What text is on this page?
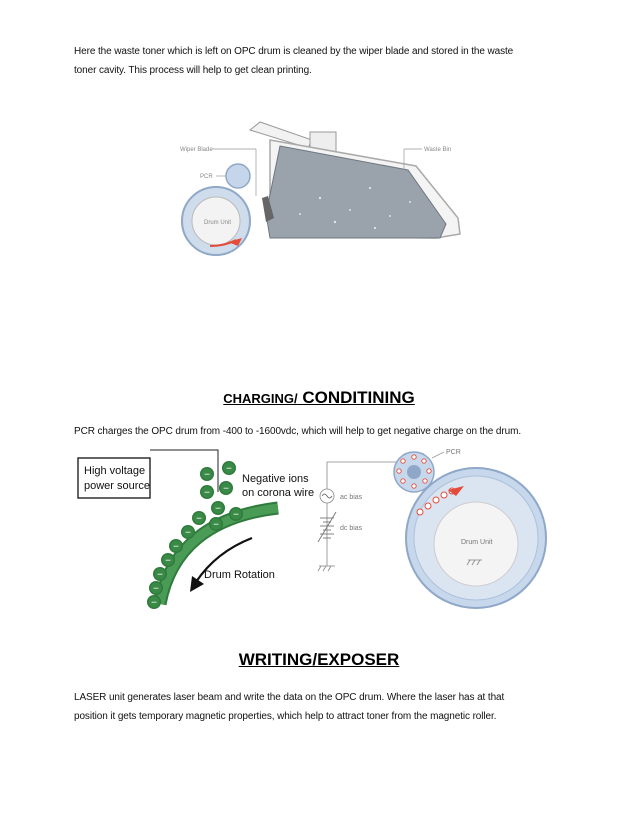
Here the waste toner which is left on OPC drum is cleaned by the wiper blade and stored in the waste
toner cavity. This process will help to get clean printing.

Wiper Blade	Waste Bin
PCR
Drum Unit
CHARGING/ CONDITINING

PCR charges the OPC drum from -400 to -1600vdc, which will help to get negative charge on the drum.

High voltage
power source
Drum Rotation
−
−
− −
−
−
−
−
−
−
−
−
−
−
Negative ions
on corona wire	ac bias
dc bias
Drum Unit
PCR
WRITING/EXPOSER

LASER unit generates laser beam and write the data on the OPC drum. Where the laser has at that
position it gets temporary magnetic properties, which help to attract toner from the magnetic roller.
